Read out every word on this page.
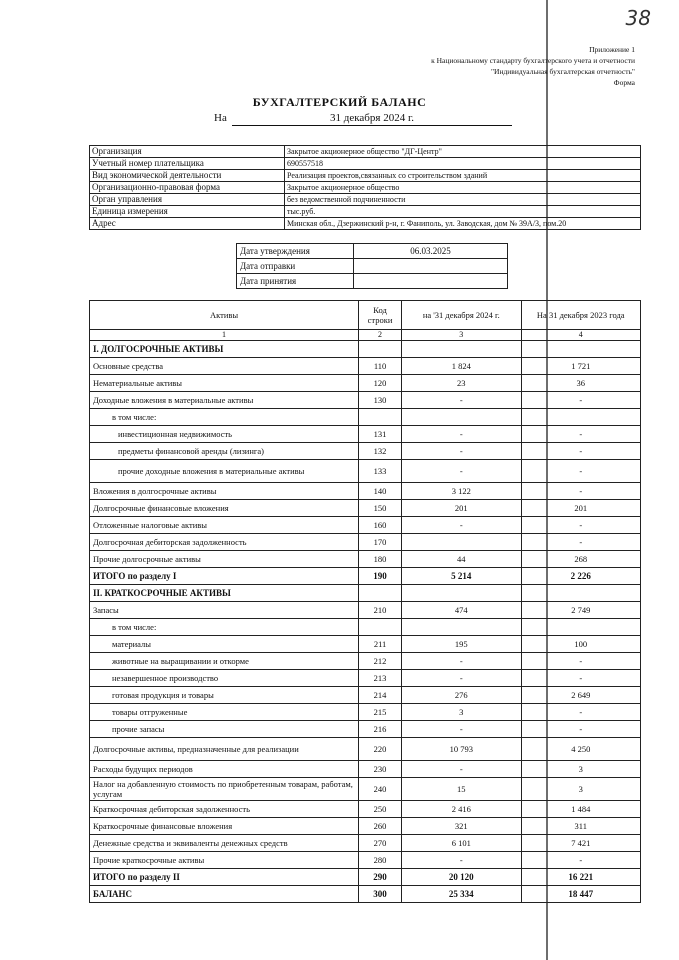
38
Приложение 1
к Национальному стандарту бухгалтерского учета и отчетности
"Индивидуальная бухгалтерская отчетность"
Форма
БУХГАЛТЕРСКИЙ БАЛАНС
На	31 декабря 2024 г.
Организация	Закрытое акционерное общество "ДГ-Центр"
Учетный номер плательщика	690557518
Вид экономической деятельности	Реализация проектов,связанных со строительством зданий
Организационно-правовая форма	Закрытое акционерное общество
Орган управления	без ведомственной подчиненности
Единица измерения	тыс.руб.
Адрес	Минская обл., Дзержинский р-н, г. Фаниполь, ул. Заводская, дом № 39А/3, пом.20
Дата утверждения	06.03.2025
Дата отправки	
Дата принятия	
Активы	Код строки	на '31 декабря 2024 г.	На 31 декабря 2023 года
1	2	3	4
I. ДОЛГОСРОЧНЫЕ АКТИВЫ			
Основные средства	110	1 824	1 721
Нематериальные активы	120	23	36
Доходные вложения в материальные активы	130	-	-
в том числе:			
инвестиционная недвижимость	131	-	-
предметы финансовой аренды (лизинга)	132	-	-
прочие доходные вложения в материальные активы	133	-	-
Вложения в долгосрочные активы	140	3 122	-
Долгосрочные финансовые вложения	150	201	201
Отложенные налоговые активы	160	-	-
Долгосрочная дебиторская задолженность	170		-
Прочие долгосрочные активы	180	44	268
ИТОГО по разделу I	190	5 214	2 226
II. КРАТКОСРОЧНЫЕ АКТИВЫ			
Запасы	210	474	2 749
в том числе:			
материалы	211	195	100
животные на выращивании и откорме	212	-	-
незавершенное производство	213	-	-
готовая продукция и товары	214	276	2 649
товары отгруженные	215	3	-
прочие запасы	216	-	-
Долгосрочные активы, предназначенные для реализации	220	10 793	4 250
Расходы будущих периодов	230	-	3
Налог на добавленную стоимость по приобретенным товарам, работам, услугам	240	15	3
Краткосрочная дебиторская задолженность	250	2 416	1 484
Краткосрочные финансовые вложения	260	321	311
Денежные средства и эквиваленты денежных средств	270	6 101	7 421
Прочие краткосрочные активы	280	-	-
ИТОГО по разделу II	290	20 120	16 221
БАЛАНС	300	25 334	18 447
